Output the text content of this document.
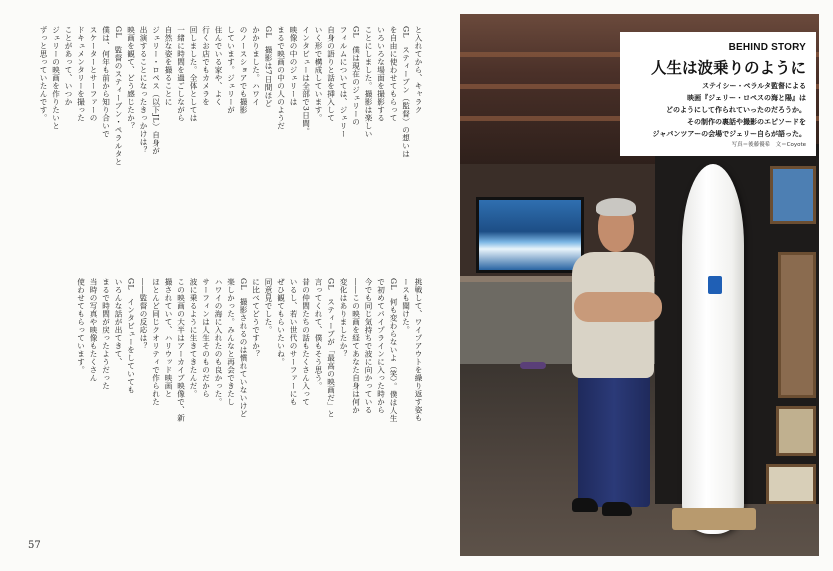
と入れてから、キャラク
GL　スティーブン（監督）の想いは
を自由に使わせてもらって
いろいろな場面を撮影する
ことにしました。撮影は楽しい
GL　僕は現在のジェリーの
フィルムについては、ジェリー
自身の語りと話を挿入して
いく形で構成しています。
インタビューは全部で3日間。
映像の中のジェリーは
まるで映画の中の人のようだ
GL　撮影は7日間ほど
かかりました。ハワイ
のノースショアでも撮影
しています。ジェリーが
住んでいる家や、よく
行くお店でもカメラを
回しました。全体としては
一緒に時間を過ごしながら
自然な姿を撮ることに
ジェリー・ロペス（以下JL）自身が
出演することになったきっかけは？
映画を観て、どう感じたか？
GL　監督のスティーブン・ペラルタと
僕は、何年も前から知り合いで
スケーターとサーファーの
ドキュメンタリーを撮った
ことがあって、いつか
ジェリーの映画を作りたいと
ずっと思っていたんです。
挑戦して、ワイプアウトを繰り返す姿も
ースも聞けた。
GL　何も変わらないよ（笑）。僕は人生
で初めてパイプラインに入った時から
今でも同じ気持ちで波に向かっている
――この映画を経てあなた自身は何か
変化はありましたか？
GL　スティーブが「最高の映画だ」と
言ってくれて、僕もそう思う。
昔の仲間たちの話もたくさん入って
いるし、若い世代のサーファーにも
ぜひ観てもらいたいね。
同意見でした。
に比べてどうですか？
GL　撮影されるのは慣れていないけど
楽しかった。みんなと再会できたし
ハワイの海に入れたのも良かった。
サーフィンは人生そのものだから
波に乗るように生きてきたんだ。
この映画の大半はアーカイブ映像で、新
撮されていて、ハリウッド映画と
ほとんど同じクオリティで作られた
――監督の反応は？
GL　インタビューをしていても
いろんな話が出てきて、
まるで時間が戻ったようだった
当時の写真や映像もたくさん
使わせてもらっています。
57
BEHIND STORY
人生は波乗りのように
ステイシー・ペラルタ監督による
映画『ジェリー・ロペスの海と陽』は
どのようにして作られていったのだろうか。
その制作の裏話や撮影のエピソードを
ジャパンツアーの会場でジェリー自らが語った。
写真＝後藤優希　文＝Coyote
